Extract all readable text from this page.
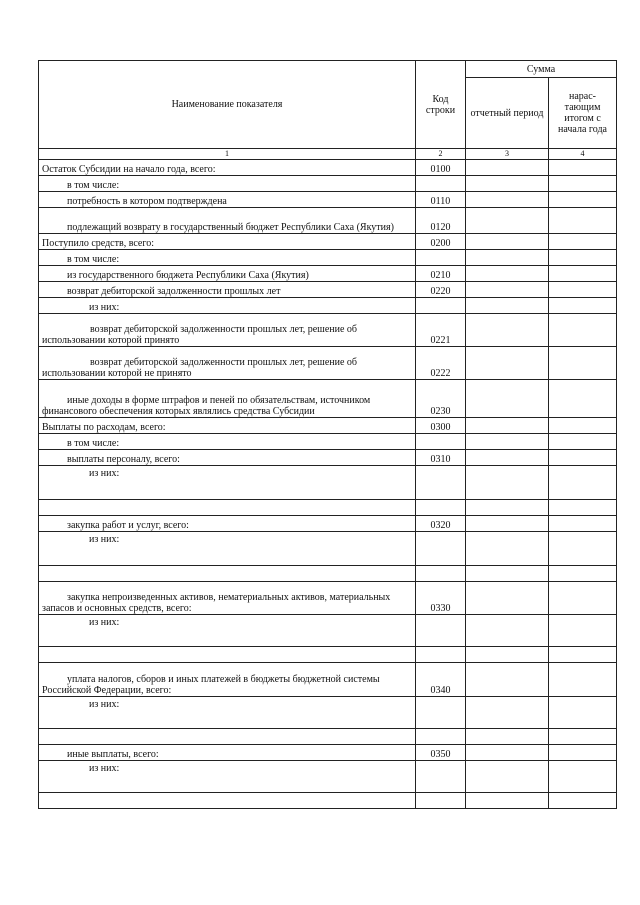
Наименование показателя	Код строки	Сумма	
		отчетный период	нарас-тающим итогом с начала года
1	2	3	4
Остаток Субсидии на начало года, всего:	0100		
в том числе:			
потребность в котором подтверждена	0110		
подлежащий возврату в государственный бюджет Республики Саха (Якутия)	0120		
Поступило средств, всего:	0200		
в том числе:			
из государственного бюджета Республики Саха (Якутия)	0210		
возврат дебиторской задолженности прошлых лет	0220		
из них:			
возврат дебиторской задолженности прошлых лет, решение об использовании которой принято	0221		
возврат дебиторской задолженности прошлых лет, решение об использовании которой не принято	0222		
иные доходы в форме штрафов и пеней по обязательствам, источником финансового обеспечения которых являлись средства Субсидии	0230		
Выплаты по расходам, всего:	0300		
в том числе:			
выплаты персоналу, всего:	0310		
из них:			

закупка работ и услуг, всего:	0320		
из них:			

закупка непроизведенных активов, нематериальных активов, материальных запасов и основных средств, всего:	0330		
из них:			

уплата налогов, сборов и иных платежей в бюджеты бюджетной системы Российской Федерации, всего:	0340		
из них:			

иные выплаты, всего:	0350		
из них:			
